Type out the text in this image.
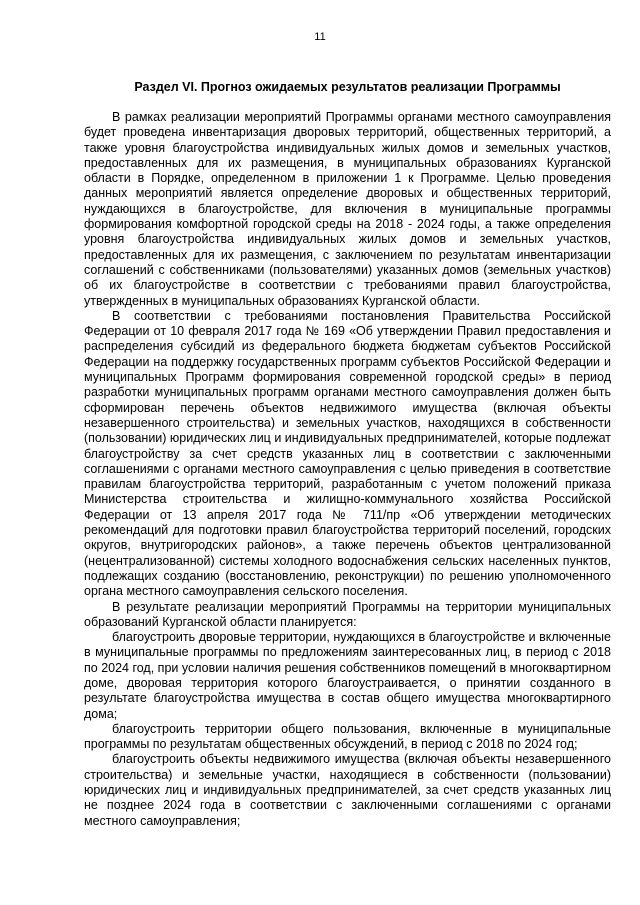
11
Раздел VI. Прогноз ожидаемых результатов реализации Программы

В рамках реализации мероприятий Программы органами местного самоуправления будет проведена инвентаризация дворовых территорий, общественных территорий, а также уровня благоустройства индивидуальных жилых домов и земельных участков, предоставленных для их размещения, в муниципальных образованиях Курганской области в Порядке, определенном в приложении 1 к Программе. Целью проведения данных мероприятий является определение дворовых и общественных территорий, нуждающихся в благоустройстве, для включения в муниципальные программы формирования комфортной городской среды на 2018 - 2024 годы, а также определения уровня благоустройства индивидуальных жилых домов и земельных участков, предоставленных для их размещения, с заключением по результатам инвентаризации соглашений с собственниками (пользователями) указанных домов (земельных участков) об их благоустройстве в соответствии с требованиями правил благоустройства, утвержденных в муниципальных образованиях Курганской области.

В соответствии с требованиями постановления Правительства Российской Федерации от 10 февраля 2017 года № 169 «Об утверждении Правил предоставления и распределения субсидий из федерального бюджета бюджетам субъектов Российской Федерации на поддержку государственных программ субъектов Российской Федерации и муниципальных Программ формирования современной городской среды» в период разработки муниципальных программ органами местного самоуправления должен быть сформирован перечень объектов недвижимого имущества (включая объекты незавершенного строительства) и земельных участков, находящихся в собственности (пользовании) юридических лиц и индивидуальных предпринимателей, которые подлежат благоустройству за счет средств указанных лиц в соответствии с заключенными соглашениями с органами местного самоуправления с целью приведения в соответствие правилам благоустройства территорий, разработанным с учетом положений приказа Министерства строительства и жилищно-коммунального хозяйства Российской Федерации от 13 апреля 2017 года № 711/пр «Об утверждении методических рекомендаций для подготовки правил благоустройства территорий поселений, городских округов, внутригородских районов», а также перечень объектов централизованной (нецентрализованной) системы холодного водоснабжения сельских населенных пунктов, подлежащих созданию (восстановлению, реконструкции) по решению уполномоченного органа местного самоуправления сельского поселения.

В результате реализации мероприятий Программы на территории муниципальных образований Курганской области планируется:

благоустроить дворовые территории, нуждающихся в благоустройстве и включенные в муниципальные программы по предложениям заинтересованных лиц, в период с 2018 по 2024 год, при условии наличия решения собственников помещений в многоквартирном доме, дворовая территория которого благоустраивается, о принятии созданного в результате благоустройства имущества в состав общего имущества многоквартирного дома;

благоустроить территории общего пользования, включенные в муниципальные программы по результатам общественных обсуждений, в период с 2018 по 2024 год;

благоустроить объекты недвижимого имущества (включая объекты незавершенного строительства) и земельные участки, находящиеся в собственности (пользовании) юридических лиц и индивидуальных предпринимателей, за счет средств указанных лиц не позднее 2024 года в соответствии с заключенными соглашениями с органами местного самоуправления;
